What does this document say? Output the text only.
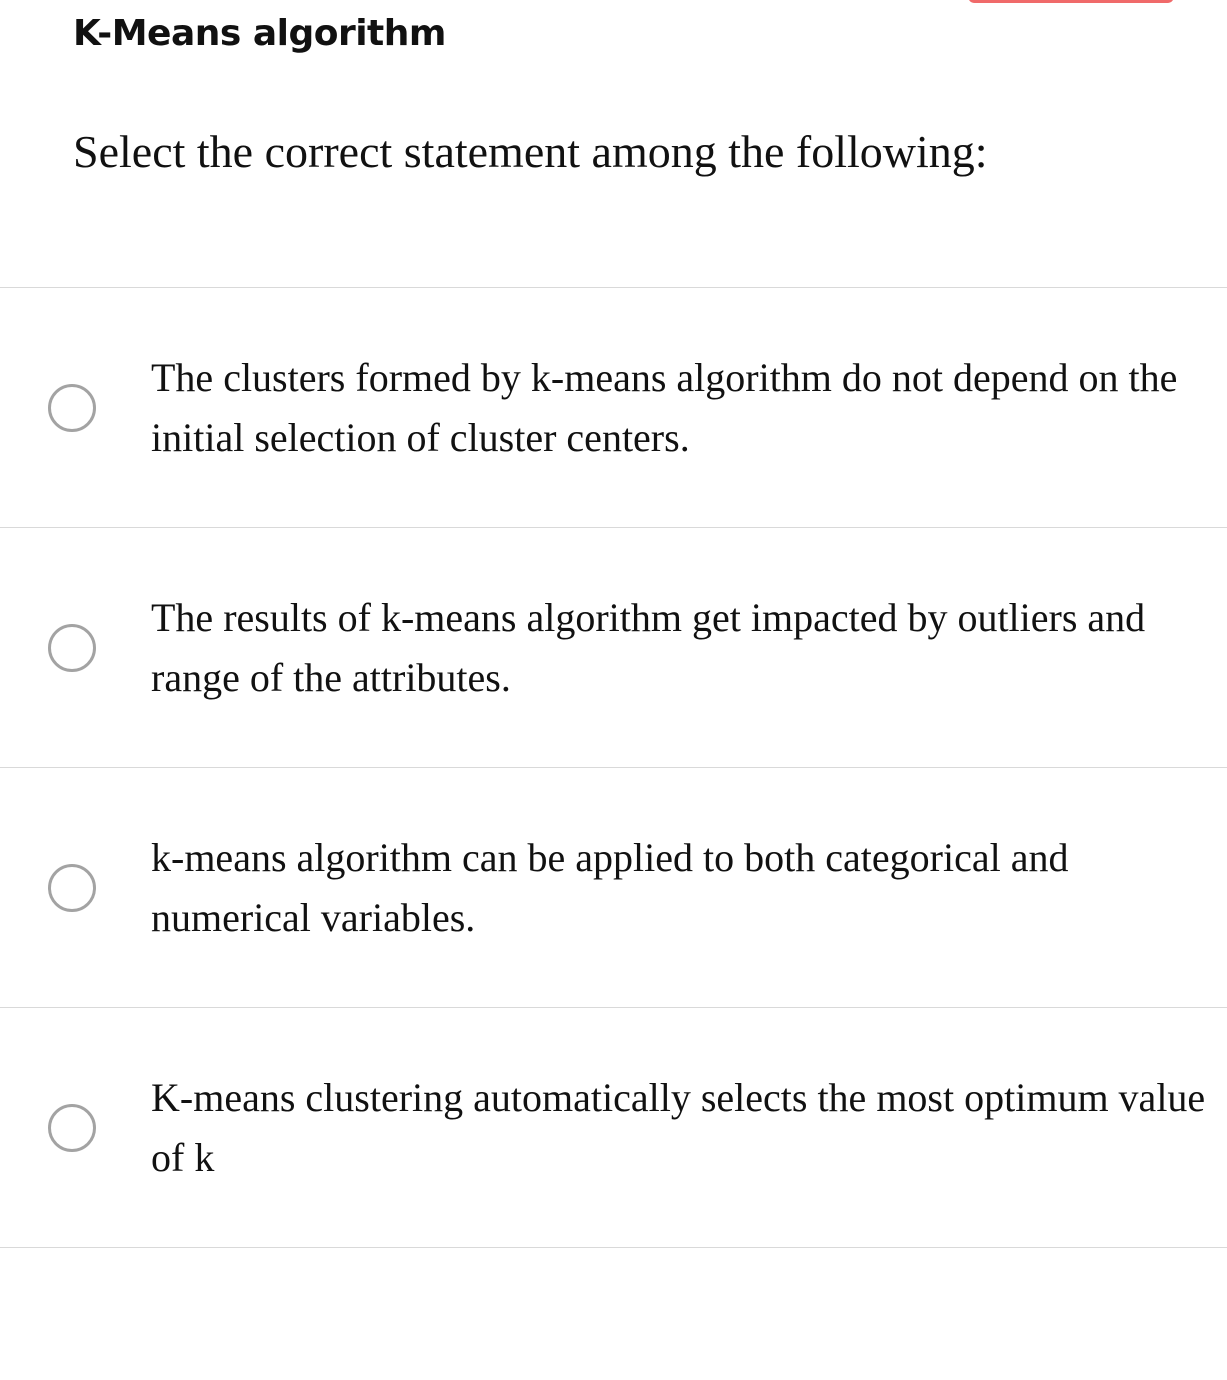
K-Means algorithm

Select the correct statement among the following:

The clusters formed by k-means algorithm do not depend on the initial selection of cluster centers.

The results of k-means algorithm get impacted by outliers and range of the attributes.

k-means algorithm can be applied to both categorical and numerical variables.

K-means clustering automatically selects the most optimum value of k
